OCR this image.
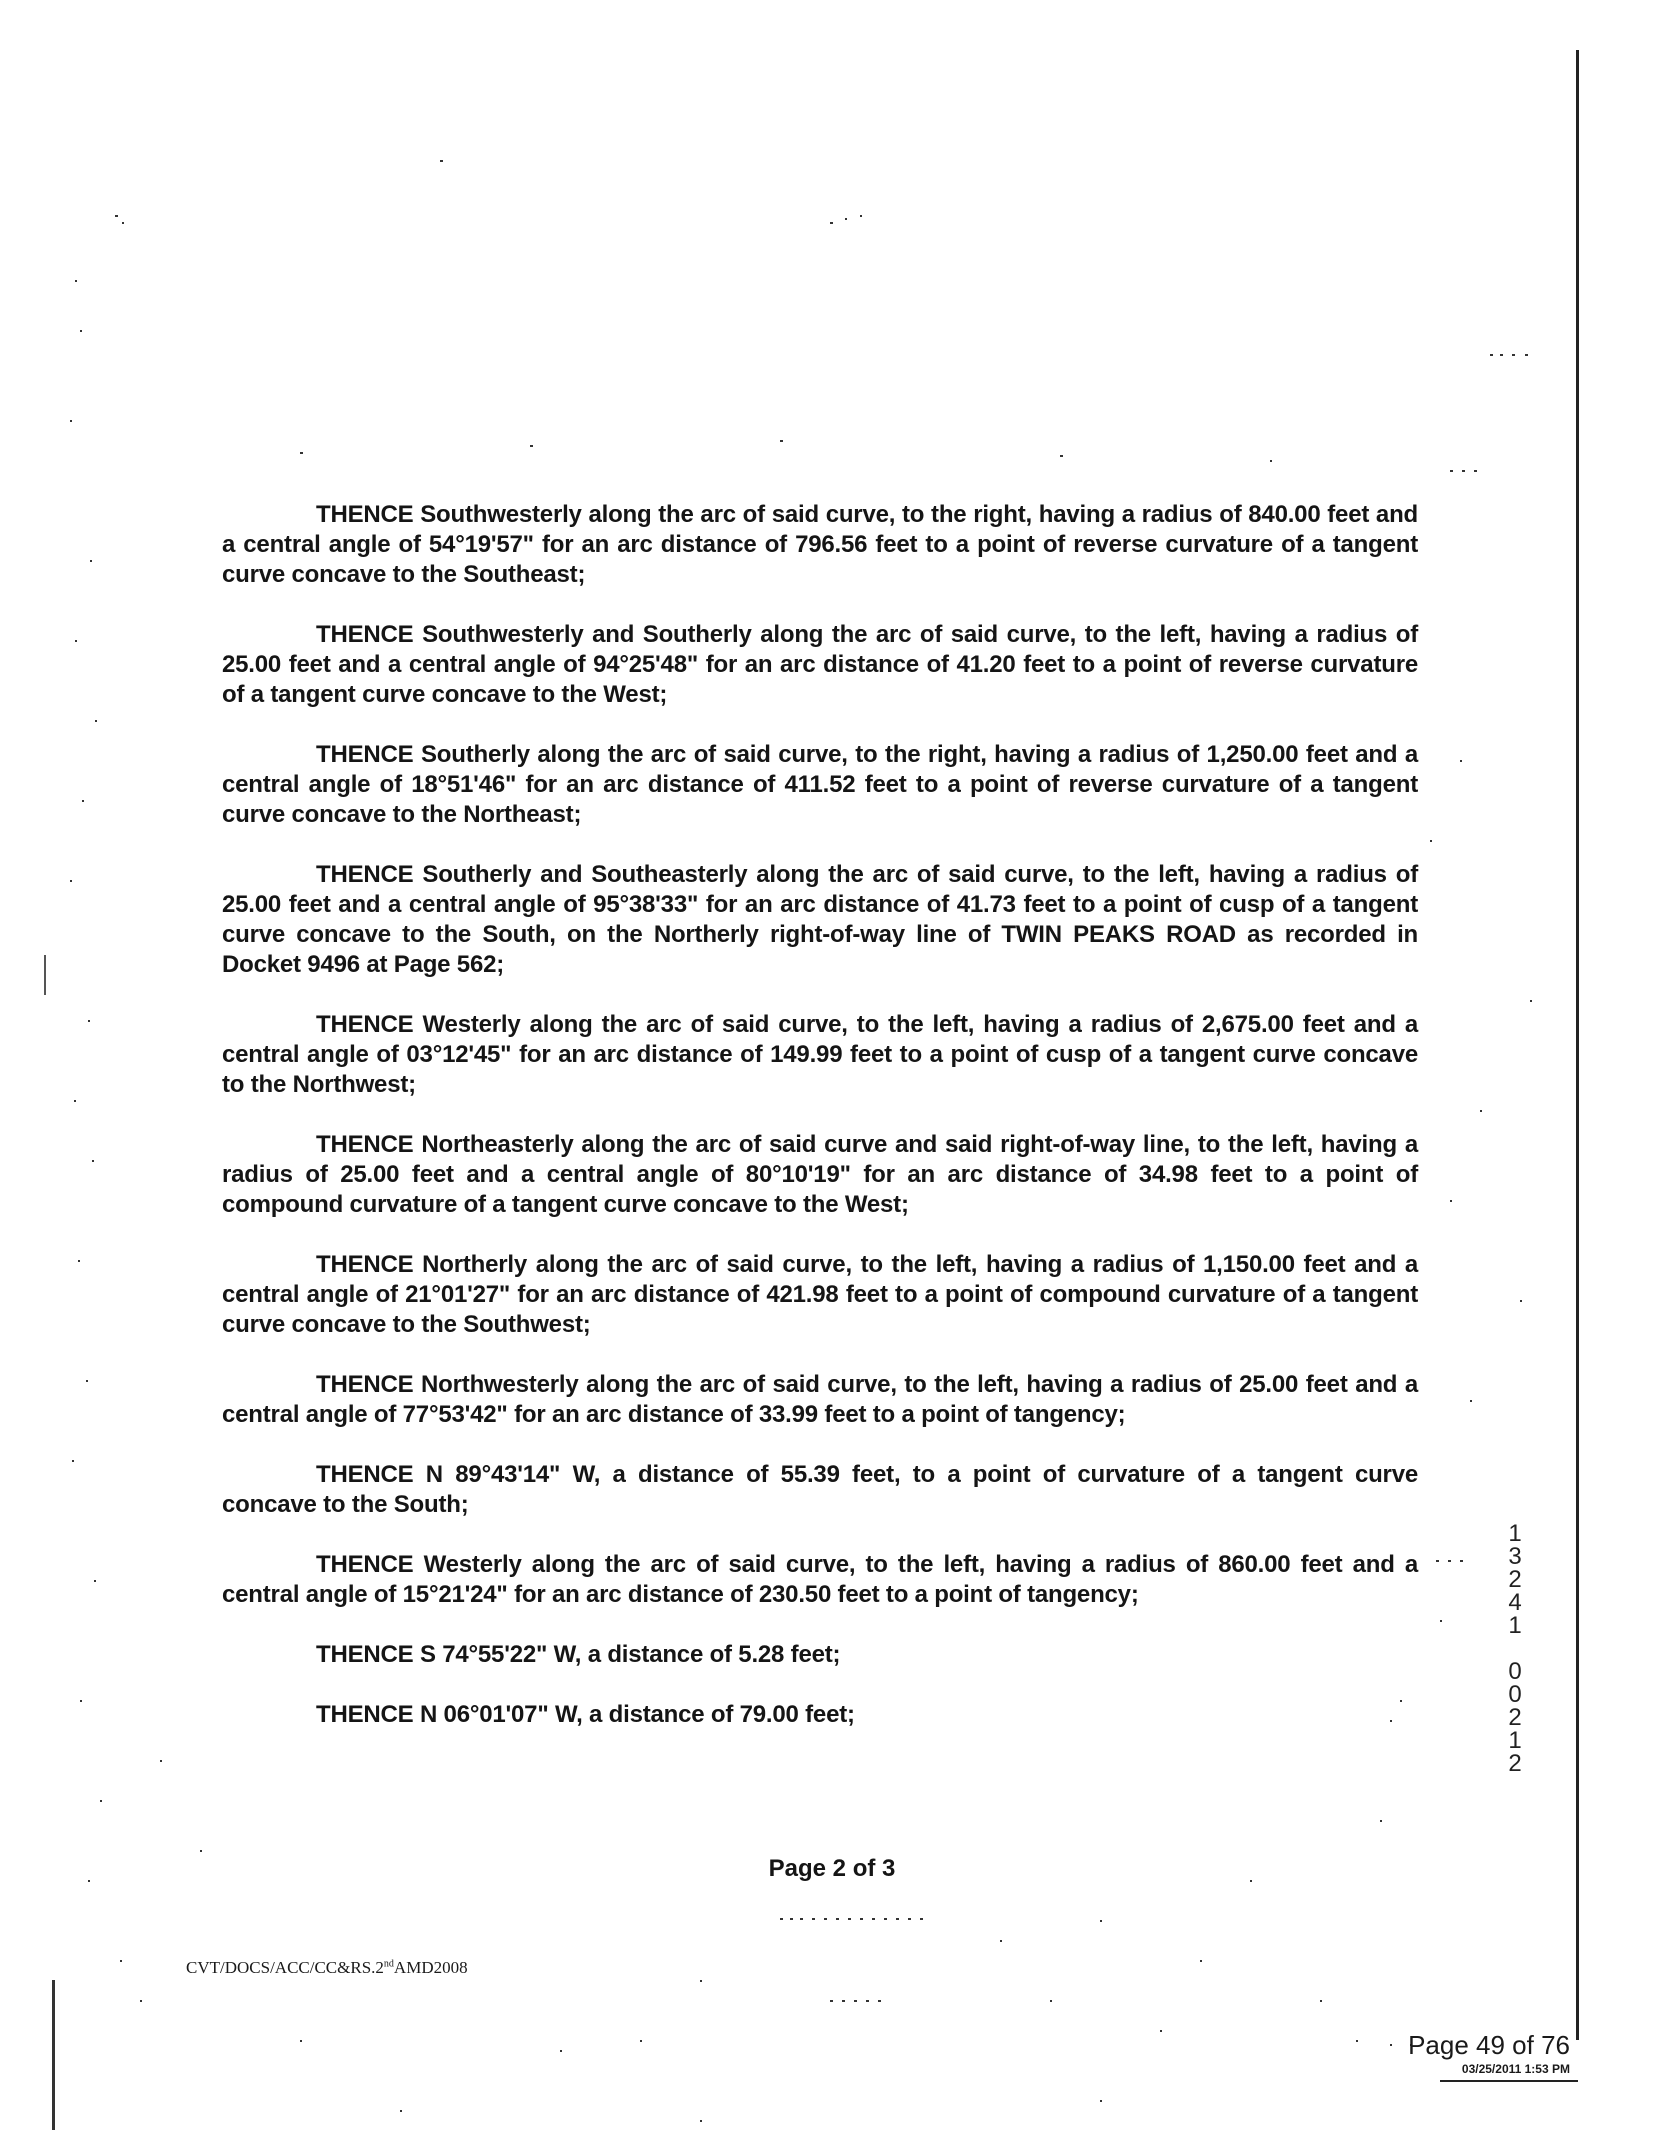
THENCE Southwesterly along the arc of said curve, to the right, having a radius of 840.00 feet and a central angle of 54°19'57" for an arc distance of 796.56 feet to a point of reverse curvature of a tangent curve concave to the Southeast;

THENCE Southwesterly and Southerly along the arc of said curve, to the left, having a radius of 25.00 feet and a central angle of 94°25'48" for an arc distance of 41.20 feet to a point of reverse curvature of a tangent curve concave to the West;

THENCE Southerly along the arc of said curve, to the right, having a radius of 1,250.00 feet and a central angle of 18°51'46" for an arc distance of 411.52 feet to a point of reverse curvature of a tangent curve concave to the Northeast;

THENCE Southerly and Southeasterly along the arc of said curve, to the left, having a radius of 25.00 feet and a central angle of 95°38'33" for an arc distance of 41.73 feet to a point of cusp of a tangent curve concave to the South, on the Northerly right-of-way line of TWIN PEAKS ROAD as recorded in Docket 9496 at Page 562;

THENCE Westerly along the arc of said curve, to the left, having a radius of 2,675.00 feet and a central angle of 03°12'45" for an arc distance of 149.99 feet to a point of cusp of a tangent curve concave to the Northwest;

THENCE Northeasterly along the arc of said curve and said right-of-way line, to the left, having a radius of 25.00 feet and a central angle of 80°10'19" for an arc distance of 34.98 feet to a point of compound curvature of a tangent curve concave to the West;

THENCE Northerly along the arc of said curve, to the left, having a radius of 1,150.00 feet and a central angle of 21°01'27" for an arc distance of 421.98 feet to a point of compound curvature of a tangent curve concave to the Southwest;

THENCE Northwesterly along the arc of said curve, to the left, having a radius of 25.00 feet and a central angle of 77°53'42" for an arc distance of 33.99 feet to a point of tangency;

THENCE N 89°43'14" W, a distance of 55.39 feet, to a point of curvature of a tangent curve concave to the South;

THENCE Westerly along the arc of said curve, to the left, having a radius of 860.00 feet and a central angle of 15°21'24" for an arc distance of 230.50 feet to a point of tangency;

THENCE S 74°55'22" W, a distance of 5.28 feet;

THENCE N 06°01'07" W, a distance of 79.00 feet;

1
3
2
4
1

0
0
2
1
2
Page 2 of 3
CVT/DOCS/ACC/CC&RS.2ndAMD2008
Page 49 of 76
03/25/2011 1:53 PM
